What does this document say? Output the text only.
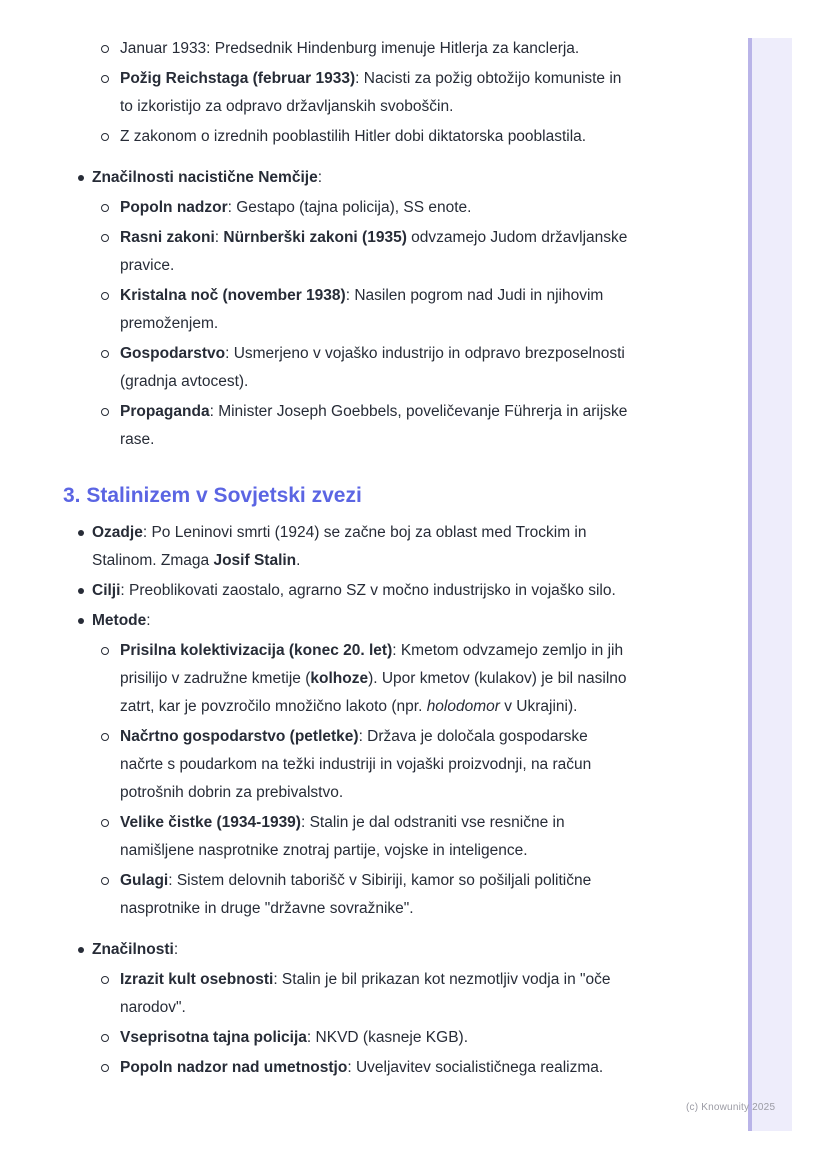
Januar 1933: Predsednik Hindenburg imenuje Hitlerja za kanclerja.
Požig Reichstaga (februar 1933): Nacisti za požig obtožijo komuniste in to izkoristijo za odpravo državljanskih svoboščin.
Z zakonom o izrednih pooblastilih Hitler dobi diktatorska pooblastila.
Značilnosti nacistične Nemčije:
Popoln nadzor: Gestapo (tajna policija), SS enote.
Rasni zakoni: Nürnberški zakoni (1935) odvzamejo Judom državljanske pravice.
Kristalna noč (november 1938): Nasilen pogrom nad Judi in njihovim premoženjem.
Gospodarstvo: Usmerjeno v vojaško industrijo in odpravo brezposelnosti (gradnja avtocest).
Propaganda: Minister Joseph Goebbels, poveličevanje Führerja in arijske rase.
3. Stalinizem v Sovjetski zvezi
Ozadje: Po Leninovi smrti (1924) se začne boj za oblast med Trockim in Stalinom. Zmaga Josif Stalin.
Cilji: Preoblikovati zaostalo, agrarno SZ v močno industrijsko in vojaško silo.
Metode:
Prisilna kolektivizacija (konec 20. let): Kmetom odvzamejo zemljo in jih prisilijo v zadružne kmetije (kolhoze). Upor kmetov (kulakov) je bil nasilno zatrt, kar je povzročilo množično lakoto (npr. holodomor v Ukrajini).
Načrtno gospodarstvo (petletke): Država je določala gospodarske načrte s poudarkom na težki industriji in vojaški proizvodnji, na račun potrošnih dobrin za prebivalstvo.
Velike čistke (1934-1939): Stalin je dal odstraniti vse resnične in namišljene nasprotnike znotraj partije, vojske in inteligence.
Gulagi: Sistem delovnih taborišč v Sibiriji, kamor so pošiljali politične nasprotnike in druge "državne sovražnike".
Značilnosti:
Izrazit kult osebnosti: Stalin je bil prikazan kot nezmotljiv vodja in "oče narodov".
Vseprisotna tajna policija: NKVD (kasneje KGB).
Popoln nadzor nad umetnostjo: Uveljavitev socialističnega realizma.
(c) Knowunity 2025
